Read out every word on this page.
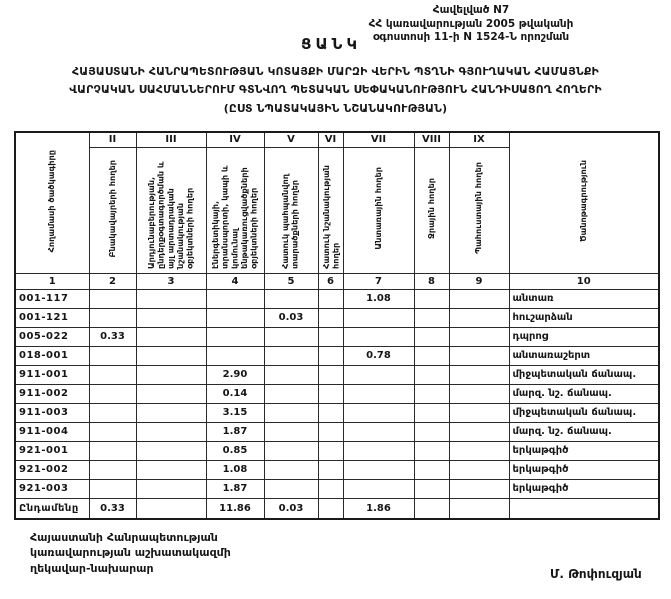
Հավելված N7
ՀՀ կառավարության 2005 թվականի
օգոստոսի 11-ի N 1524-Ն որոշման
ՑԱՆԿ
ՀԱՅԱՍՏԱՆԻ ՀԱՆՐԱՊԵՏՈՒԹՅԱՆ ԿՈՏԱՅՔԻ ՄԱՐԶԻ ՎԵՐԻՆ ՊՏՂՆԻ ԳՅՈՒՂԱԿԱՆ ՀԱՄԱՅՆՔԻ
ՎԱՐՉԱԿԱՆ ՍԱՀՄԱՆՆԵՐՈՒՄ ԳՏՆՎՈՂ ՊԵՏԱԿԱՆ ՍԵՓԱԿԱՆՈՒԹՅՈՒՆ ՀԱՆԴԻՍԱՑՈՂ ՀՈՂԵՐԻ
(ԸՍՏ ՆՊԱՏԱԿԱՅԻՆ ՆՇԱՆԱԿՈՒԹՅԱՆ)
Հողամասի ծածկագիրը	II	III	IV	V	VI	VII	VIII	IX	Ծանոթագրություն
	Բնակավայրերի հողեր	Արդյունաբերության, ընդերքօգտագործման և այլ արտադրական նշանակության օբյեկտների հողեր	էներգետիկայի, տրանսպորտի, կապի և կոմունալ ենթակառուցվածքների օբյեկտների հողեր	Հատուկ պահպանվող տարածքների հողեր	Հատուկ նշանակության հողեր	Անտառային հողեր	Ջրային հողեր	Պահուստային հողեր	
1	2	3	4	5	6	7	8	9	10
001-117						1.08			անտառ
001-121				0.03					հուշարձան
005-022	0.33								դպրոց
018-001						0.78			անտառաշերտ
911-001			2.90						միջպետական ճանապ.
911-002			0.14						մարզ. նշ. ճանապ.
911-003			3.15						միջպետական ճանապ.
911-004			1.87						մարզ. նշ. ճանապ.
921-001			0.85						երկաթգիծ
921-002			1.08						երկաթգիծ
921-003			1.87						երկաթգիծ
Ընդամենը	0.33		11.86	0.03		1.86			
Հայաստանի Հանրապետության
կառավարության աշխատակազմի
ղեկավար-նախարար	Մ. Թոփուզյան
